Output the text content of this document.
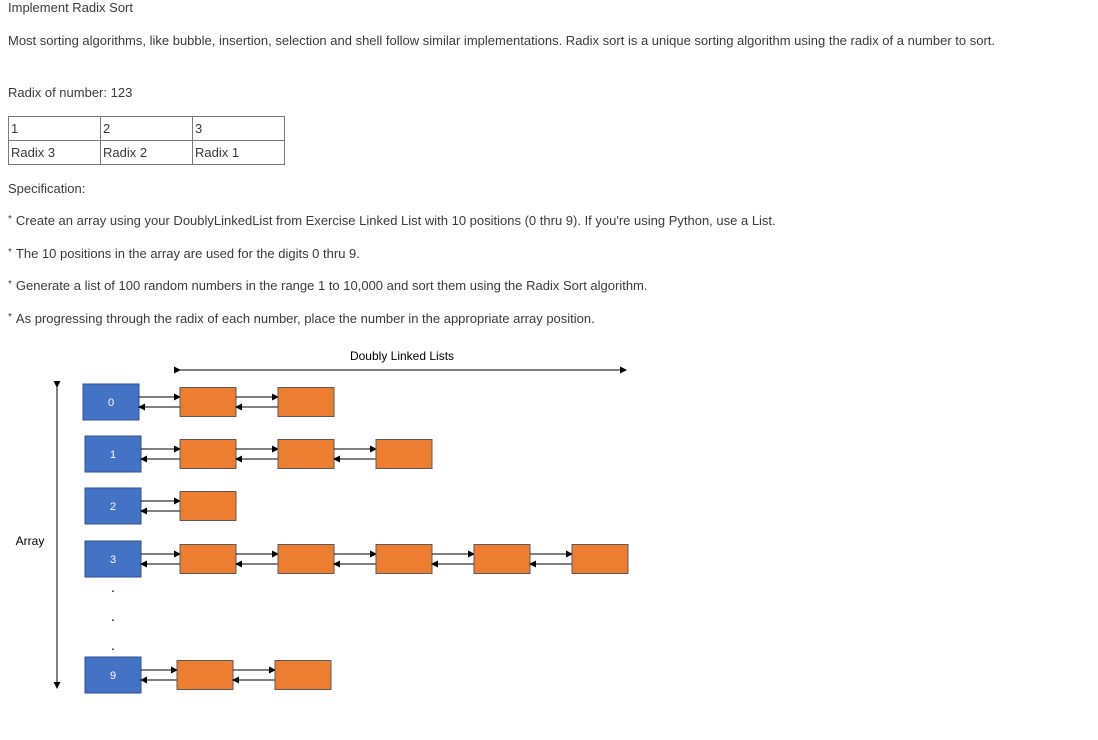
Implement Radix Sort
Most sorting algorithms, like bubble, insertion, selection and shell follow similar implementations. Radix sort is a unique sorting algorithm using the radix of a number to sort.
Radix of number: 123
1	2	3
Radix 3	Radix 2	Radix 1
Specification:
* Create an array using your DoublyLinkedList from Exercise Linked List with 10 positions (0 thru 9). If you're using Python, use a List.
* The 10 positions in the array are used for the digits 0 thru 9.
* Generate a list of 100 random numbers in the range 1 to 10,000 and sort them using the Radix Sort algorithm.
* As progressing through the radix of each number, place the number in the appropriate array position.
Doubly Linked Lists
Array
.
.
.
0
1
2
3
9
